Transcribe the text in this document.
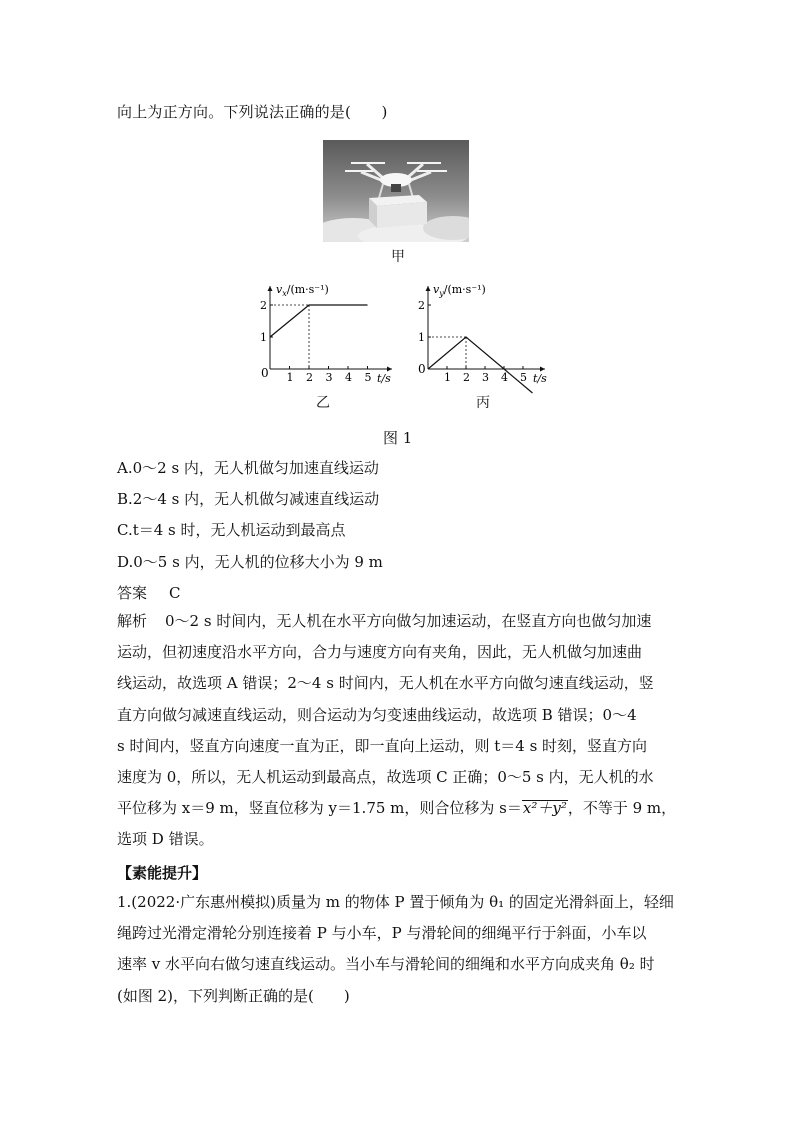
向上为正方向。下列说法正确的是(　　)
甲
0
$v_x/(m\cdot s^{-1})$
t/s
1 2 3 4 5
1
2
乙
0
$v_y/(m\cdot s^{-1})$
t/s
1 2 3 4 5
1
2
丙
图 1
A.0～2 s 内，无人机做匀加速直线运动
B.2～4 s 内，无人机做匀减速直线运动
C.t＝4 s 时，无人机运动到最高点
D.0～5 s 内，无人机的位移大小为 9 m
答案 C
解析 0～2 s 时间内，无人机在水平方向做匀加速运动，在竖直方向也做匀加速
运动，但初速度沿水平方向，合力与速度方向有夹角，因此，无人机做匀加速曲
线运动，故选项 A 错误；2～4 s 时间内，无人机在水平方向做匀速直线运动，竖
直方向做匀减速直线运动，则合运动为匀变速曲线运动，故选项 B 错误；0～4
s 时间内，竖直方向速度一直为正，即一直向上运动，则 t＝4 s 时刻，竖直方向
速度为 0，所以，无人机运动到最高点，故选项 C 正确；0～5 s 内，无人机的水
平位移为 x＝9 m，竖直位移为 y＝1.75 m，则合位移为 s＝x²＋y²，不等于 9 m，
选项 D 错误。
【素能提升】
1.(2022·广东惠州模拟)质量为 m 的物体 P 置于倾角为 θ₁ 的固定光滑斜面上，轻细
绳跨过光滑定滑轮分别连接着 P 与小车，P 与滑轮间的细绳平行于斜面，小车以
速率 v 水平向右做匀速直线运动。当小车与滑轮间的细绳和水平方向成夹角 θ₂ 时
(如图 2)，下列判断正确的是(　　)
